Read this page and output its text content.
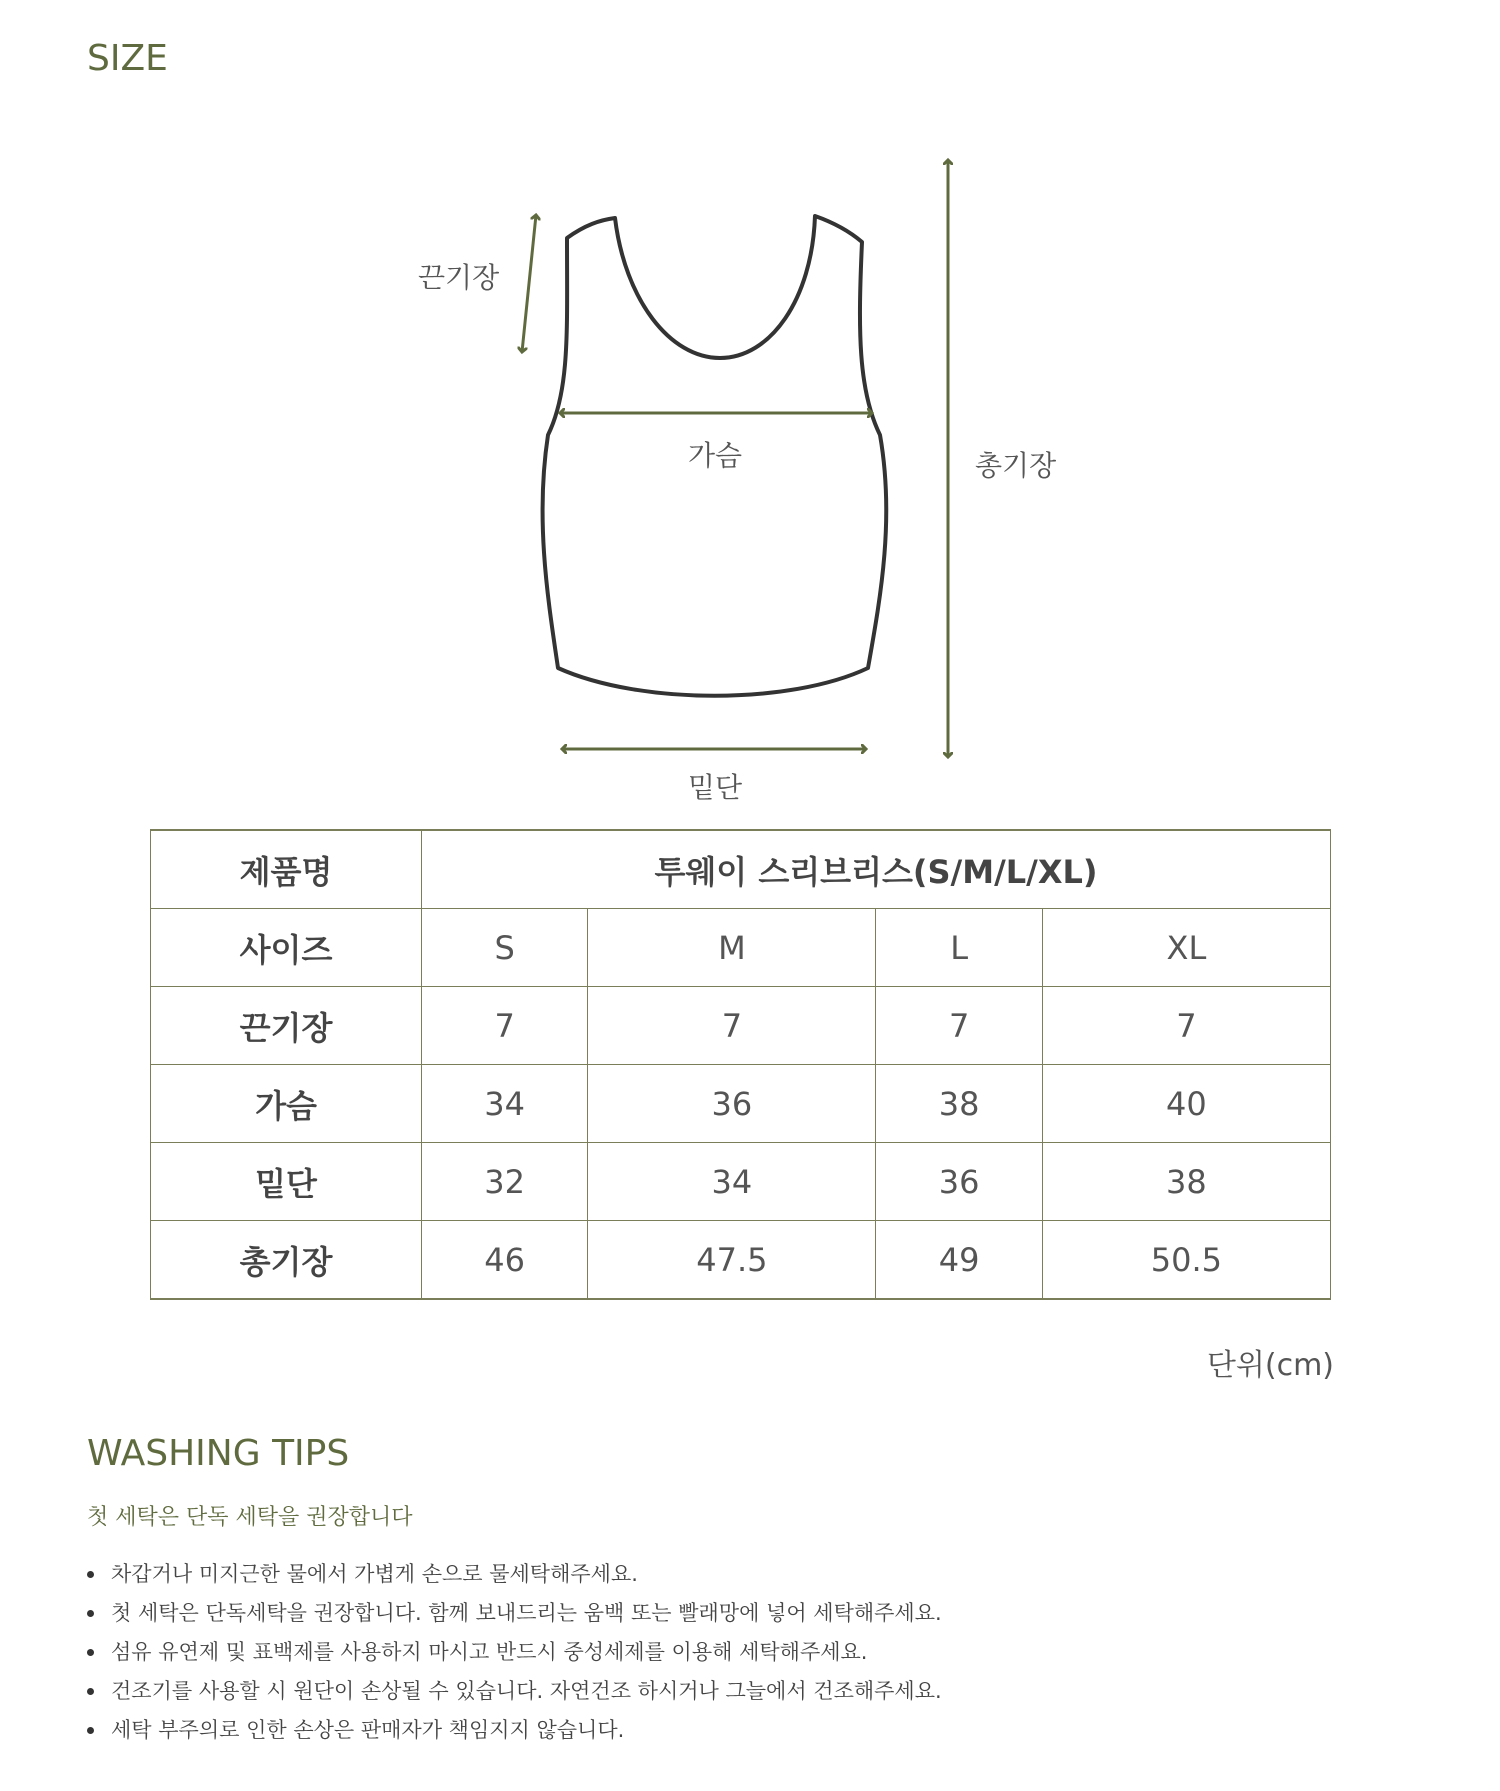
SIZE
끈기장
가슴	총기장
밑단
제품명	투웨이 스리브리스(S/M/L/XL)			
사이즈	S	M	L	XL
끈기장	7	7	7	7
가슴	34	36	38	40
밑단	32	34	36	38
총기장	46	47.5	49	50.5
단위(cm)
WASHING TIPS
첫 세탁은 단독 세탁을 권장합니다
차갑거나 미지근한 물에서 가볍게 손으로 물세탁해주세요.
첫 세탁은 단독세탁을 권장합니다. 함께 보내드리는 움백 또는 빨래망에 넣어 세탁해주세요.
섬유 유연제 및 표백제를 사용하지 마시고 반드시 중성세제를 이용해 세탁해주세요.
건조기를 사용할 시 원단이 손상될 수 있습니다. 자연건조 하시거나 그늘에서 건조해주세요.
세탁 부주의로 인한 손상은 판매자가 책임지지 않습니다.
